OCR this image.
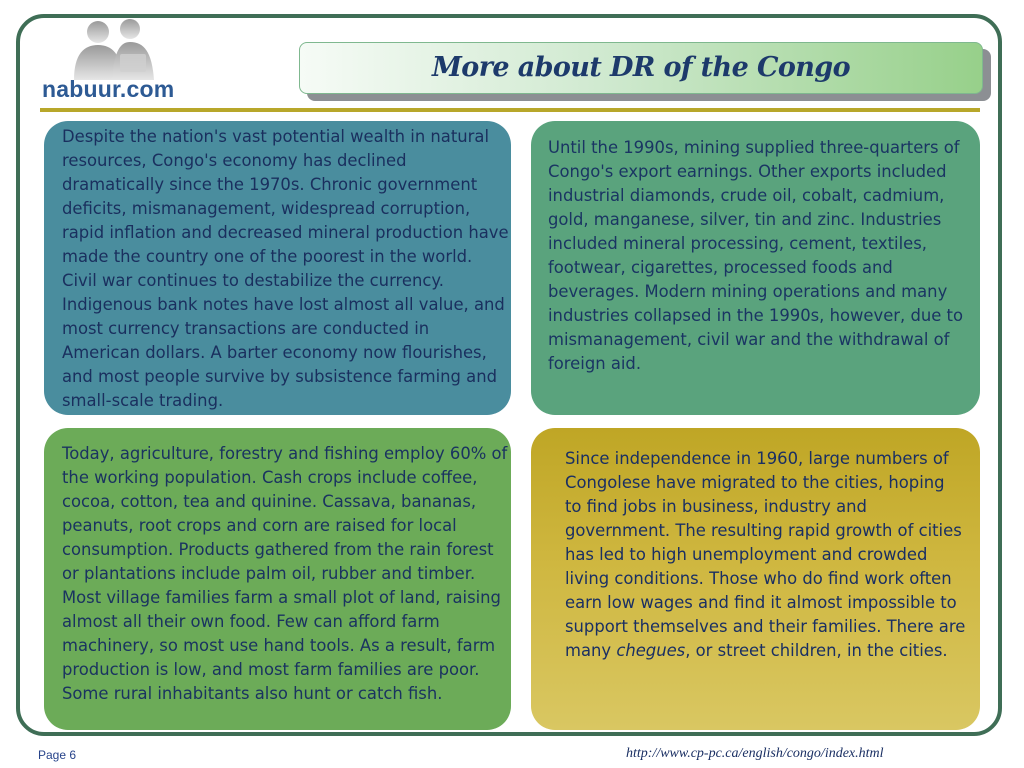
nabuur.com
More about DR of the Congo

Despite the nation's vast potential wealth in natural resources, Congo's economy has declined dramatically since the 1970s. Chronic government deficits, mismanagement, widespread corruption, rapid inflation and decreased mineral production have made the country one of the poorest in the world. Civil war continues to destabilize the currency. Indigenous bank notes have lost almost all value, and most currency transactions are conducted in American dollars. A barter economy now flourishes, and most people survive by subsistence farming and small-scale trading.

Until the 1990s, mining supplied three-quarters of Congo's export earnings. Other exports included industrial diamonds, crude oil, cobalt, cadmium, gold, manganese, silver, tin and zinc. Industries included mineral processing, cement, textiles, footwear, cigarettes, processed foods and beverages. Modern mining operations and many industries collapsed in the 1990s, however, due to mismanagement, civil war and the withdrawal of foreign aid.

Today, agriculture, forestry and fishing employ 60% of the working population. Cash crops include coffee, cocoa, cotton, tea and quinine. Cassava, bananas, peanuts, root crops and corn are raised for local consumption. Products gathered from the rain forest or plantations include palm oil, rubber and timber. Most village families farm a small plot of land, raising almost all their own food. Few can afford farm machinery, so most use hand tools. As a result, farm production is low, and most farm families are poor. Some rural inhabitants also hunt or catch fish.

Since independence in 1960, large numbers of Congolese have migrated to the cities, hoping to find jobs in business, industry and government. The resulting rapid growth of cities has led to high unemployment and crowded living conditions. Those who do find work often earn low wages and find it almost impossible to support themselves and their families. There are many chegues, or street children, in the cities.

Page 6	http://www.cp-pc.ca/english/congo/index.html
